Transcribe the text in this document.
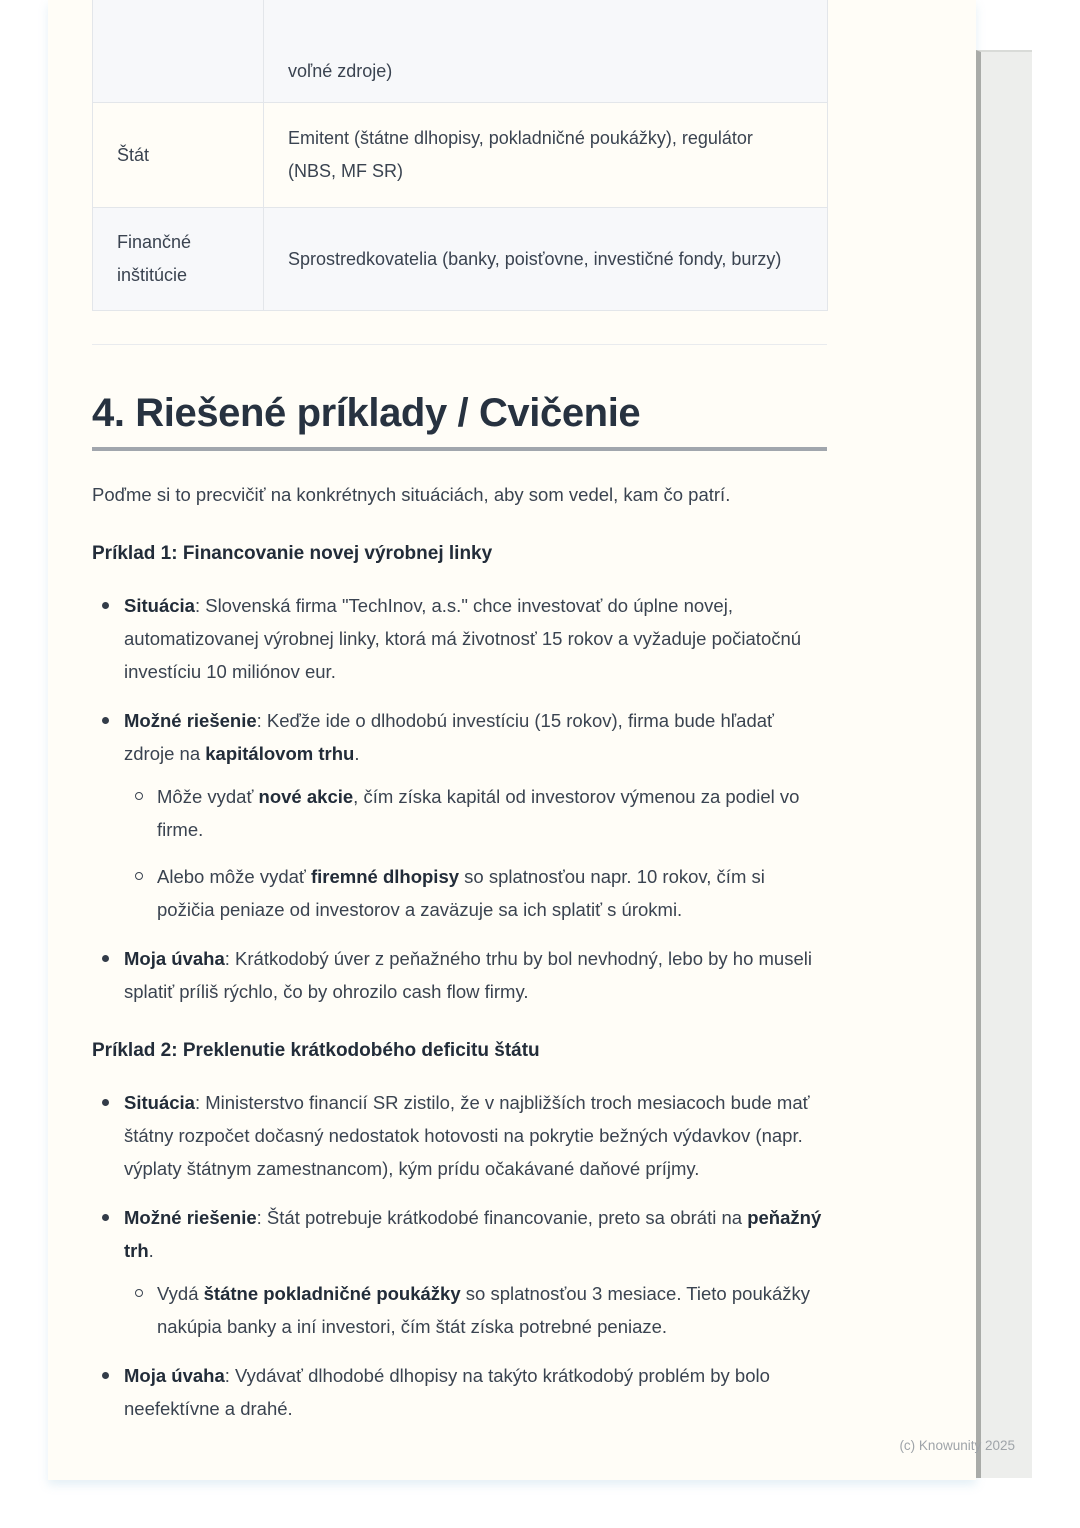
	voľné zdroje)
Štát	Emitent (štátne dlhopisy, pokladničné poukážky), regulátor (NBS, MF SR)
Finančné inštitúcie	Sprostredkovatelia (banky, poisťovne, investičné fondy, burzy)
4. Riešené príklady / Cvičenie

Poďme si to precvičiť na konkrétnych situáciách, aby som vedel, kam čo patrí.

Príklad 1: Financovanie novej výrobnej linky
Situácia: Slovenská firma "TechInov, a.s." chce investovať do úplne novej, automatizovanej výrobnej linky, ktorá má životnosť 15 rokov a vyžaduje počiatočnú investíciu 10 miliónov eur.
Možné riešenie: Keďže ide o dlhodobú investíciu (15 rokov), firma bude hľadať zdroje na kapitálovom trhu.
Môže vydať nové akcie, čím získa kapitál od investorov výmenou za podiel vo firme.
Alebo môže vydať firemné dlhopisy so splatnosťou napr. 10 rokov, čím si požičia peniaze od investorov a zaväzuje sa ich splatiť s úrokmi.
Moja úvaha: Krátkodobý úver z peňažného trhu by bol nevhodný, lebo by ho museli splatiť príliš rýchlo, čo by ohrozilo cash flow firmy.
Príklad 2: Preklenutie krátkodobého deficitu štátu
Situácia: Ministerstvo financií SR zistilo, že v najbližších troch mesiacoch bude mať štátny rozpočet dočasný nedostatok hotovosti na pokrytie bežných výdavkov (napr. výplaty štátnym zamestnancom), kým prídu očakávané daňové príjmy.
Možné riešenie: Štát potrebuje krátkodobé financovanie, preto sa obráti na peňažný trh.
Vydá štátne pokladničné poukážky so splatnosťou 3 mesiace. Tieto poukážky nakúpia banky a iní investori, čím štát získa potrebné peniaze.
Moja úvaha: Vydávať dlhodobé dlhopisy na takýto krátkodobý problém by bolo neefektívne a drahé.
(c) Knowunity 2025
